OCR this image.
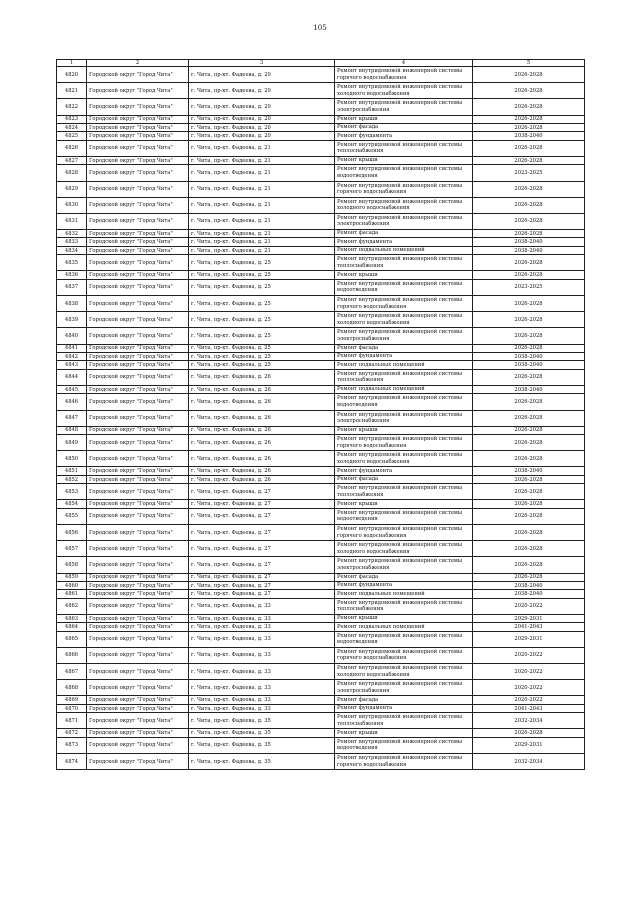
105
1	2	3	4	5
4820	Городской округ "Город Чита"	г. Чита, пр-кт. Фадеева, д. 20	Ремонт внутридомовой инженерной системы горячего водоснабжения	2026-2028
4821	Городской округ "Город Чита"	г. Чита, пр-кт. Фадеева, д. 20	Ремонт внутридомовой инженерной системы холодного водоснабжения	2026-2028
4822	Городской округ "Город Чита"	г. Чита, пр-кт. Фадеева, д. 20	Ремонт внутридомовой инженерной системы электроснабжения	2026-2028
4823	Городской округ "Город Чита"	г. Чита, пр-кт. Фадеева, д. 20	Ремонт крыши	2026-2028
4824	Городской округ "Город Чита"	г. Чита, пр-кт. Фадеева, д. 20	Ремонт фасада	2026-2028
4825	Городской округ "Город Чита"	г. Чита, пр-кт. Фадеева, д. 20	Ремонт фундамента	2038-2040
4826	Городской округ "Город Чита"	г. Чита, пр-кт. Фадеева, д. 21	Ремонт внутридомовой инженерной системы теплоснабжения	2026-2028
4827	Городской округ "Город Чита"	г. Чита, пр-кт. Фадеева, д. 21	Ремонт крыши	2026-2028
4828	Городской округ "Город Чита"	г. Чита, пр-кт. Фадеева, д. 21	Ремонт внутридомовой инженерной системы водоотведения	2023-2025
4829	Городской округ "Город Чита"	г. Чита, пр-кт. Фадеева, д. 21	Ремонт внутридомовой инженерной системы горячего водоснабжения	2026-2028
4830	Городской округ "Город Чита"	г. Чита, пр-кт. Фадеева, д. 21	Ремонт внутридомовой инженерной системы холодного водоснабжения	2026-2028
4831	Городской округ "Город Чита"	г. Чита, пр-кт. Фадеева, д. 21	Ремонт внутридомовой инженерной системы электроснабжения	2026-2028
4832	Городской округ "Город Чита"	г. Чита, пр-кт. Фадеева, д. 21	Ремонт фасада	2026-2028
4833	Городской округ "Город Чита"	г. Чита, пр-кт. Фадеева, д. 21	Ремонт фундамента	2038-2040
4834	Городской округ "Город Чита"	г. Чита, пр-кт. Фадеева, д. 21	Ремонт подвальных помещений	2038-2040
4835	Городской округ "Город Чита"	г. Чита, пр-кт. Фадеева, д. 25	Ремонт внутридомовой инженерной системы теплоснабжения	2026-2028
4836	Городской округ "Город Чита"	г. Чита, пр-кт. Фадеева, д. 25	Ремонт крыши	2026-2028
4837	Городской округ "Город Чита"	г. Чита, пр-кт. Фадеева, д. 25	Ремонт внутридомовой инженерной системы водоотведения	2023-2025
4838	Городской округ "Город Чита"	г. Чита, пр-кт. Фадеева, д. 25	Ремонт внутридомовой инженерной системы горячего водоснабжения	2026-2028
4839	Городской округ "Город Чита"	г. Чита, пр-кт. Фадеева, д. 25	Ремонт внутридомовой инженерной системы холодного водоснабжения	2026-2028
4840	Городской округ "Город Чита"	г. Чита, пр-кт. Фадеева, д. 25	Ремонт внутридомовой инженерной системы электроснабжения	2026-2028
4841	Городской округ "Город Чита"	г. Чита, пр-кт. Фадеева, д. 25	Ремонт фасада	2026-2028
4842	Городской округ "Город Чита"	г. Чита, пр-кт. Фадеева, д. 25	Ремонт фундамента	2038-2040
4843	Городской округ "Город Чита"	г. Чита, пр-кт. Фадеева, д. 25	Ремонт подвальных помещений	2038-2040
4844	Городской округ "Город Чита"	г. Чита, пр-кт. Фадеева, д. 26	Ремонт внутридомовой инженерной системы теплоснабжения	2026-2028
4845	Городской округ "Город Чита"	г. Чита, пр-кт. Фадеева, д. 26	Ремонт подвальных помещений	2038-2040
4846	Городской округ "Город Чита"	г. Чита, пр-кт. Фадеева, д. 26	Ремонт внутридомовой инженерной системы водоотведения	2026-2028
4847	Городской округ "Город Чита"	г. Чита, пр-кт. Фадеева, д. 26	Ремонт внутридомовой инженерной системы электроснабжения	2026-2028
4848	Городской округ "Город Чита"	г. Чита, пр-кт. Фадеева, д. 26	Ремонт крыши	2026-2028
4849	Городской округ "Город Чита"	г. Чита, пр-кт. Фадеева, д. 26	Ремонт внутридомовой инженерной системы горячего водоснабжения	2026-2028
4850	Городской округ "Город Чита"	г. Чита, пр-кт. Фадеева, д. 26	Ремонт внутридомовой инженерной системы холодного водоснабжения	2026-2028
4851	Городской округ "Город Чита"	г. Чита, пр-кт. Фадеева, д. 26	Ремонт фундамента	2038-2040
4852	Городской округ "Город Чита"	г. Чита, пр-кт. Фадеева, д. 26	Ремонт фасада	2026-2028
4853	Городской округ "Город Чита"	г. Чита, пр-кт. Фадеева, д. 27	Ремонт внутридомовой инженерной системы теплоснабжения	2026-2028
4854	Городской округ "Город Чита"	г. Чита, пр-кт. Фадеева, д. 27	Ремонт крыши	2026-2028
4855	Городской округ "Город Чита"	г. Чита, пр-кт. Фадеева, д. 27	Ремонт внутридомовой инженерной системы водоотведения	2026-2028
4856	Городской округ "Город Чита"	г. Чита, пр-кт. Фадеева, д. 27	Ремонт внутридомовой инженерной системы горячего водоснабжения	2026-2028
4857	Городской округ "Город Чита"	г. Чита, пр-кт. Фадеева, д. 27	Ремонт внутридомовой инженерной системы холодного водоснабжения	2026-2028
4858	Городской округ "Город Чита"	г. Чита, пр-кт. Фадеева, д. 27	Ремонт внутридомовой инженерной системы электроснабжения	2026-2028
4859	Городской округ "Город Чита"	г. Чита, пр-кт. Фадеева, д. 27	Ремонт фасада	2026-2028
4860	Городской округ "Город Чита"	г. Чита, пр-кт. Фадеева, д. 27	Ремонт фундамента	2038-2040
4861	Городской округ "Город Чита"	г. Чита, пр-кт. Фадеева, д. 27	Ремонт подвальных помещений	2038-2040
4862	Городской округ "Город Чита"	г. Чита, пр-кт. Фадеева, д. 33	Ремонт внутридомовой инженерной системы теплоснабжения	2020-2022
4863	Городской округ "Город Чита"	г. Чита, пр-кт. Фадеева, д. 33	Ремонт крыши	2029-2031
4864	Городской округ "Город Чита"	г. Чита, пр-кт. Фадеева, д. 33	Ремонт подвальных помещений	2041-2043
4865	Городской округ "Город Чита"	г. Чита, пр-кт. Фадеева, д. 33	Ремонт внутридомовой инженерной системы водоотведения	2029-2031
4866	Городской округ "Город Чита"	г. Чита, пр-кт. Фадеева, д. 33	Ремонт внутридомовой инженерной системы горячего водоснабжения	2020-2022
4867	Городской округ "Город Чита"	г. Чита, пр-кт. Фадеева, д. 33	Ремонт внутридомовой инженерной системы холодного водоснабжения	2020-2022
4868	Городской округ "Город Чита"	г. Чита, пр-кт. Фадеева, д. 33	Ремонт внутридомовой инженерной системы электроснабжения	2020-2022
4869	Городской округ "Город Чита"	г. Чита, пр-кт. Фадеева, д. 33	Ремонт фасада	2020-2022
4870	Городской округ "Город Чита"	г. Чита, пр-кт. Фадеева, д. 33	Ремонт фундамента	2041-2043
4871	Городской округ "Город Чита"	г. Чита, пр-кт. Фадеева, д. 35	Ремонт внутридомовой инженерной системы теплоснабжения	2032-2034
4872	Городской округ "Город Чита"	г. Чита, пр-кт. Фадеева, д. 35	Ремонт крыши	2026-2028
4873	Городской округ "Город Чита"	г. Чита, пр-кт. Фадеева, д. 35	Ремонт внутридомовой инженерной системы водоотведения	2029-2031
4874	Городской округ "Город Чита"	г. Чита, пр-кт. Фадеева, д. 35	Ремонт внутридомовой инженерной системы горячего водоснабжения	2032-2034
